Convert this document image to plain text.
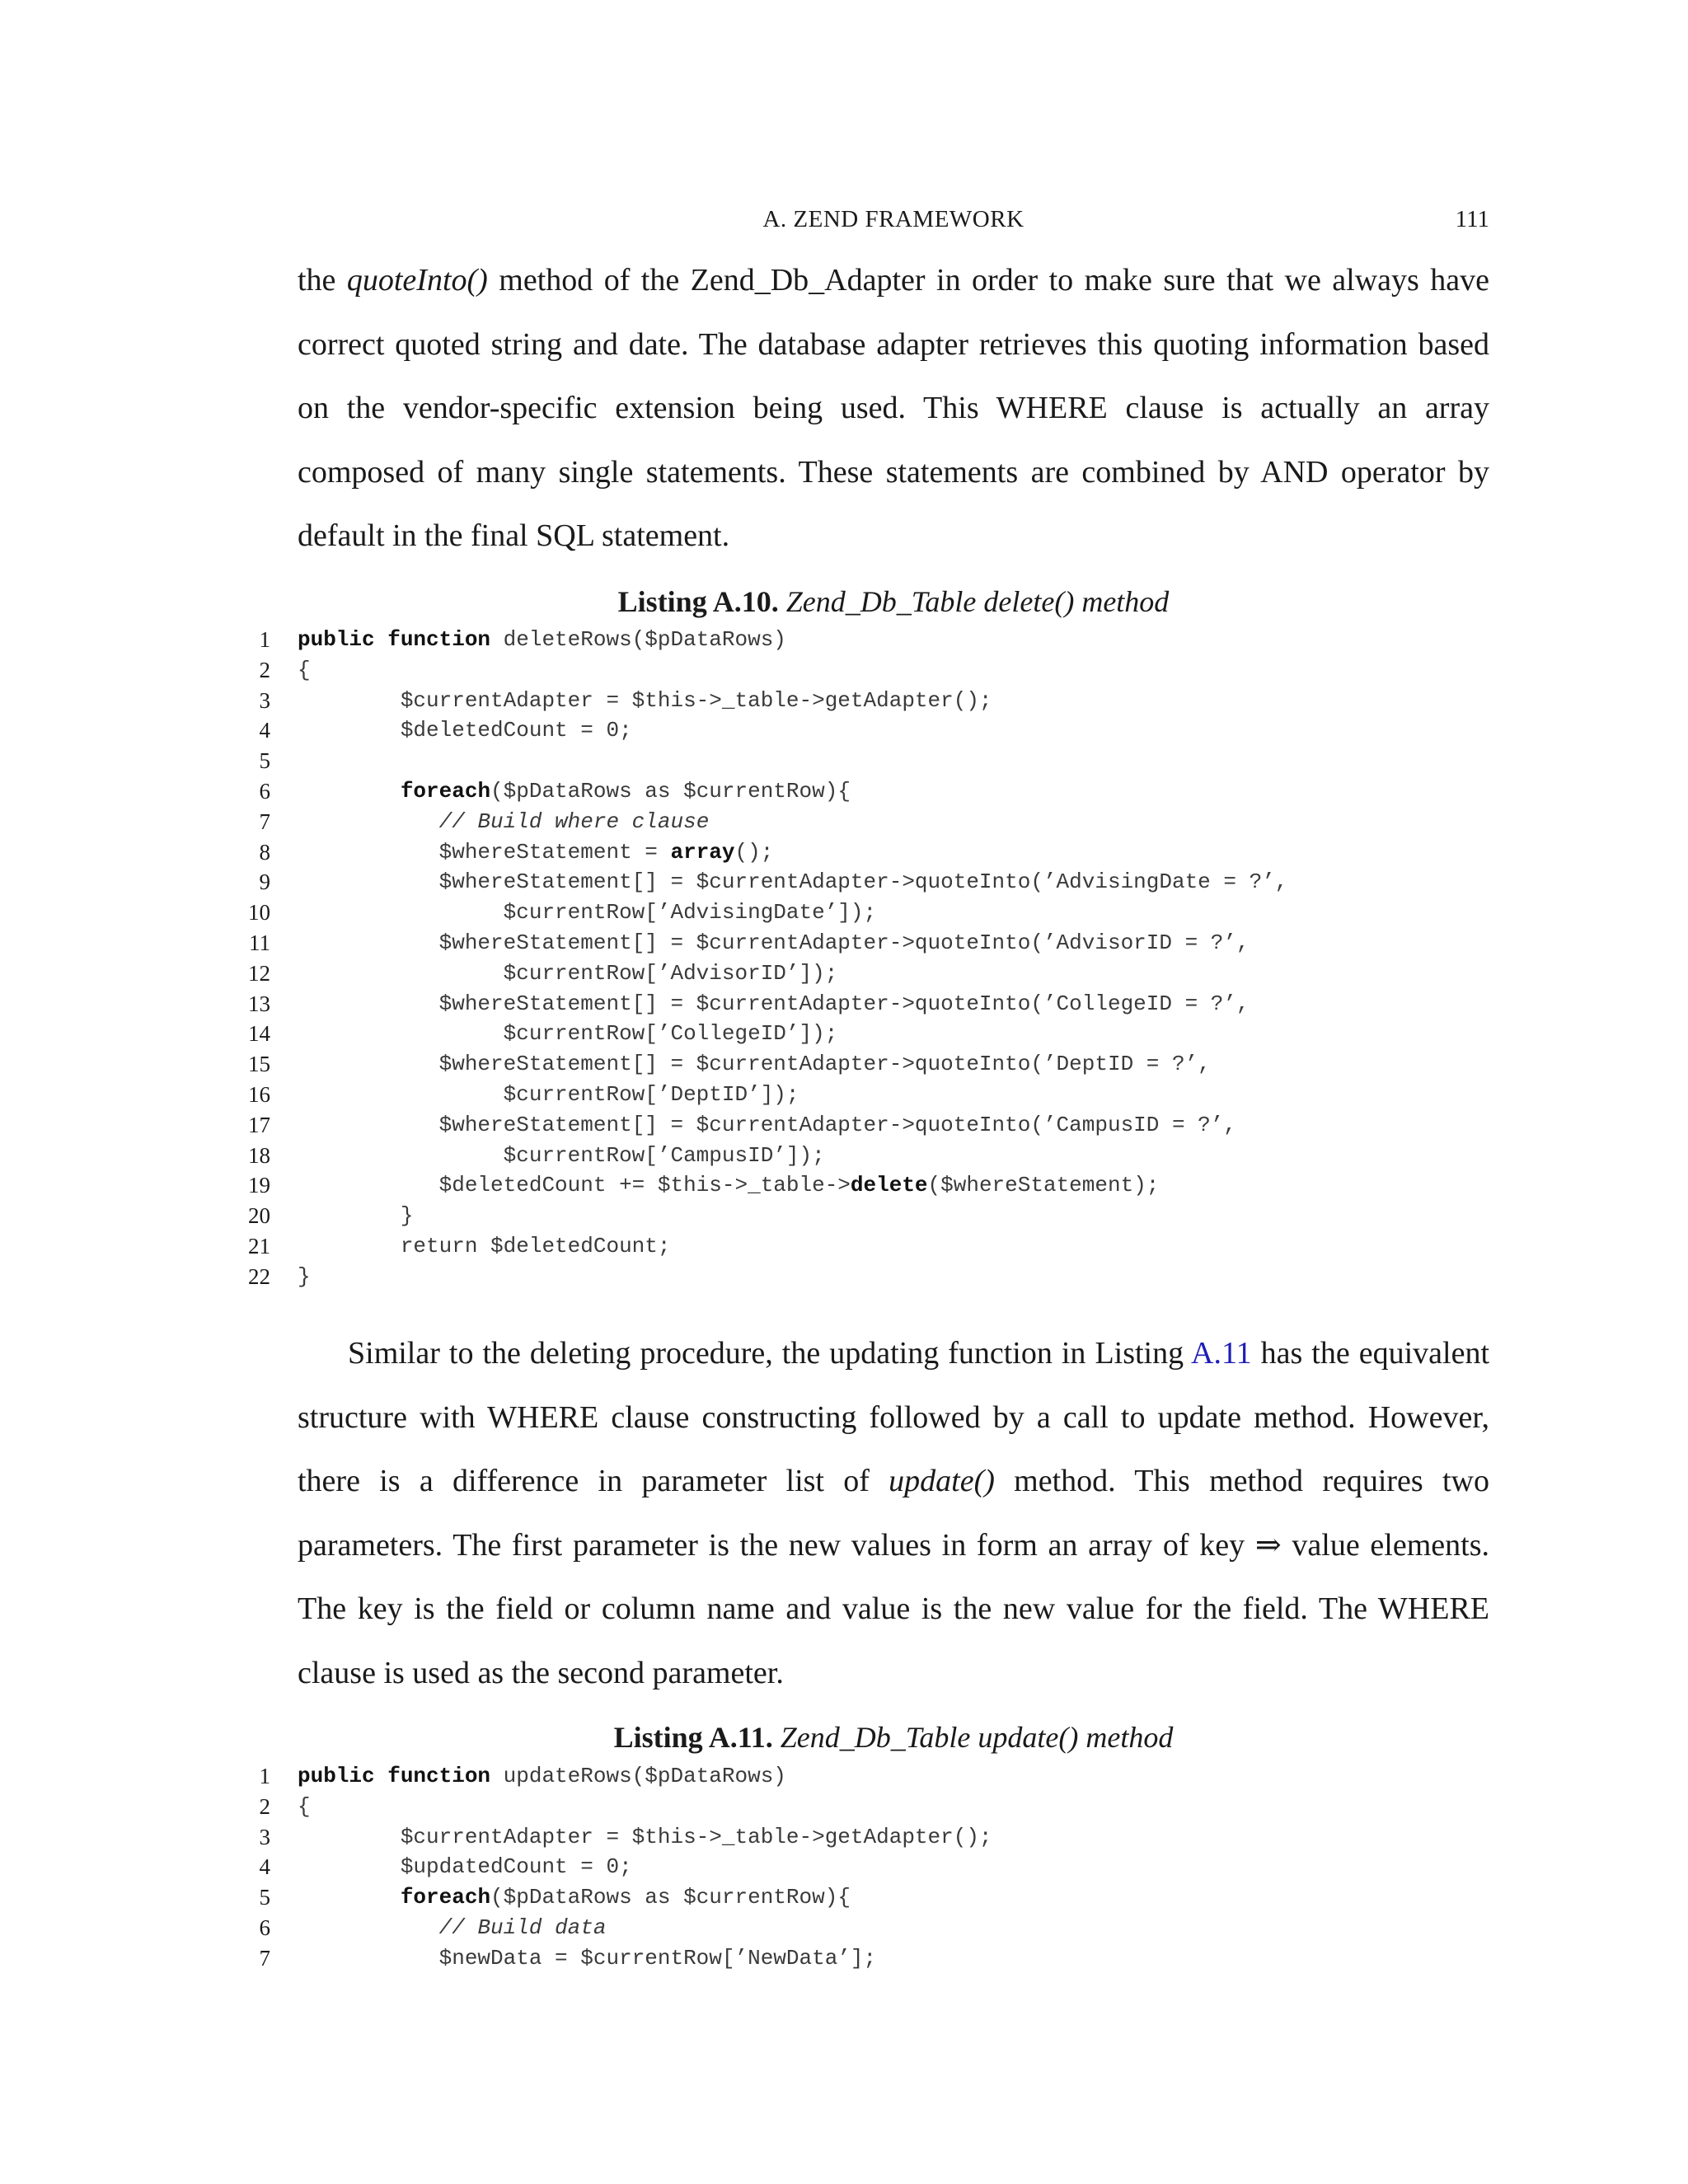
A. ZEND FRAMEWORK	111

the quoteInto() method of the Zend_Db_Adapter in order to make sure that we always have correct quoted string and date. The database adapter retrieves this quoting information based on the vendor-specific extension being used. This WHERE clause is actually an array composed of many single statements. These statements are combined by AND operator by default in the final SQL statement.

Listing A.10. Zend_Db_Table delete() method
1 public function deleteRows($pDataRows)
2 {
3 $currentAdapter = $this->_table->getAdapter();
4 $deletedCount = 0;
5
6	foreach($pDataRows as $currentRow){
7	// Build where clause
8 $whereStatement = array();
9 $whereStatement[] = $currentAdapter->quoteInto(’AdvisingDate = ?’,
10 $currentRow[’AdvisingDate’]);
11 $whereStatement[] = $currentAdapter->quoteInto(’AdvisorID = ?’,
12 $currentRow[’AdvisorID’]);
13 $whereStatement[] = $currentAdapter->quoteInto(’CollegeID = ?’,
14 $currentRow[’CollegeID’]);
15 $whereStatement[] = $currentAdapter->quoteInto(’DeptID = ?’,
16 $currentRow[’DeptID’]);
17 $whereStatement[] = $currentAdapter->quoteInto(’CampusID = ?’,
18 $currentRow[’CampusID’]);
19 $deletedCount += $this->_table->delete($whereStatement);
20 }
21 return $deletedCount;
22 }

Similar to the deleting procedure, the updating function in Listing A.11 has the equivalent structure with WHERE clause constructing followed by a call to update method. However, there is a difference in parameter list of update() method. This method requires two parameters. The first parameter is the new values in form an array of key ⇒ value elements. The key is the field or column name and value is the new value for the field. The WHERE clause is used as the second parameter.

Listing A.11. Zend_Db_Table update() method
1 public function updateRows($pDataRows)
2 {
3 $currentAdapter = $this->_table->getAdapter();
4 $updatedCount = 0;
5	foreach($pDataRows as $currentRow){
6	// Build data
7 $newData = $currentRow[’NewData’];
